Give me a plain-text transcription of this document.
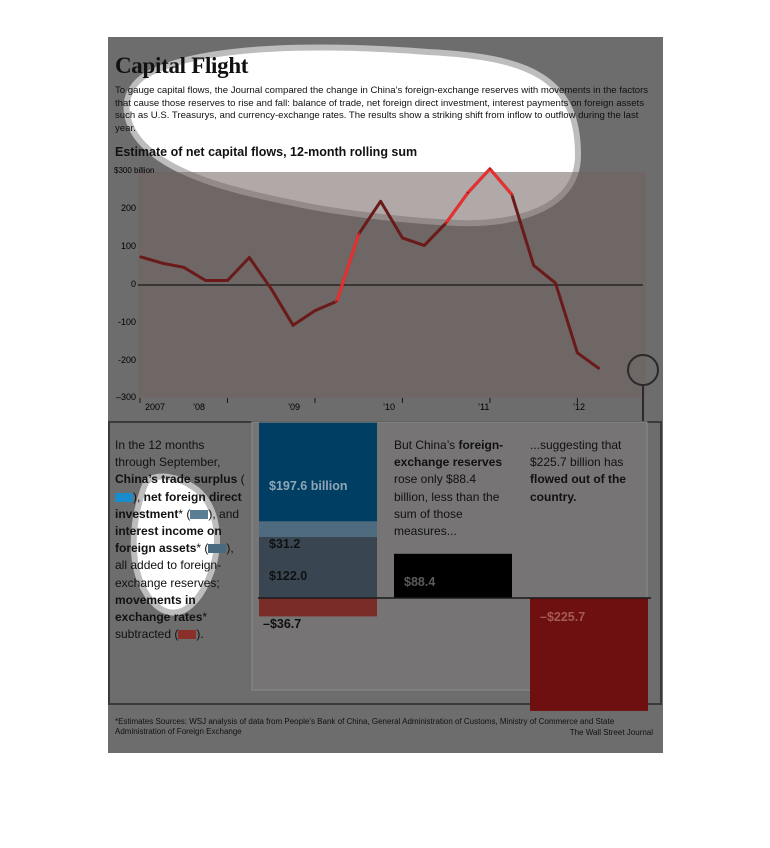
Capital Flight

To gauge capital flows, the Journal compared the change in China’s foreign-exchange reserves with movements in the factors that cause those reserves to rise and fall: balance of trade, net foreign direct investment, interest payments on foreign assets such as U.S. Treasurys, and currency-exchange rates. The results show a striking shift from inflow to outflow during the last year.

Estimate of net capital flows, 12-month rolling sum
$300 billion
200
100
0
-100
-200
–300
2007	’08	’09	’10	’11	’12

In the 12 months through September, China’s trade surplus (), net foreign direct investment* ( ), and interest income on foreign assets* ( ), all added to foreign-exchange reserves; movements in exchange rates* subtracted ( ).

But China’s foreign-exchange reserves rose only $88.4 billion, less than the sum of those measures...

...suggesting that $225.7 billion has flowed out of the country.

$197.6 billion
$31.2
$122.0
–$36.7
$88.4
–$225.7
*Estimates Sources: WSJ analysis of data from People’s Bank of China, General Administration of Customs, Ministry of Commerce and State Administration of Foreign Exchange	The Wall Street Journal
